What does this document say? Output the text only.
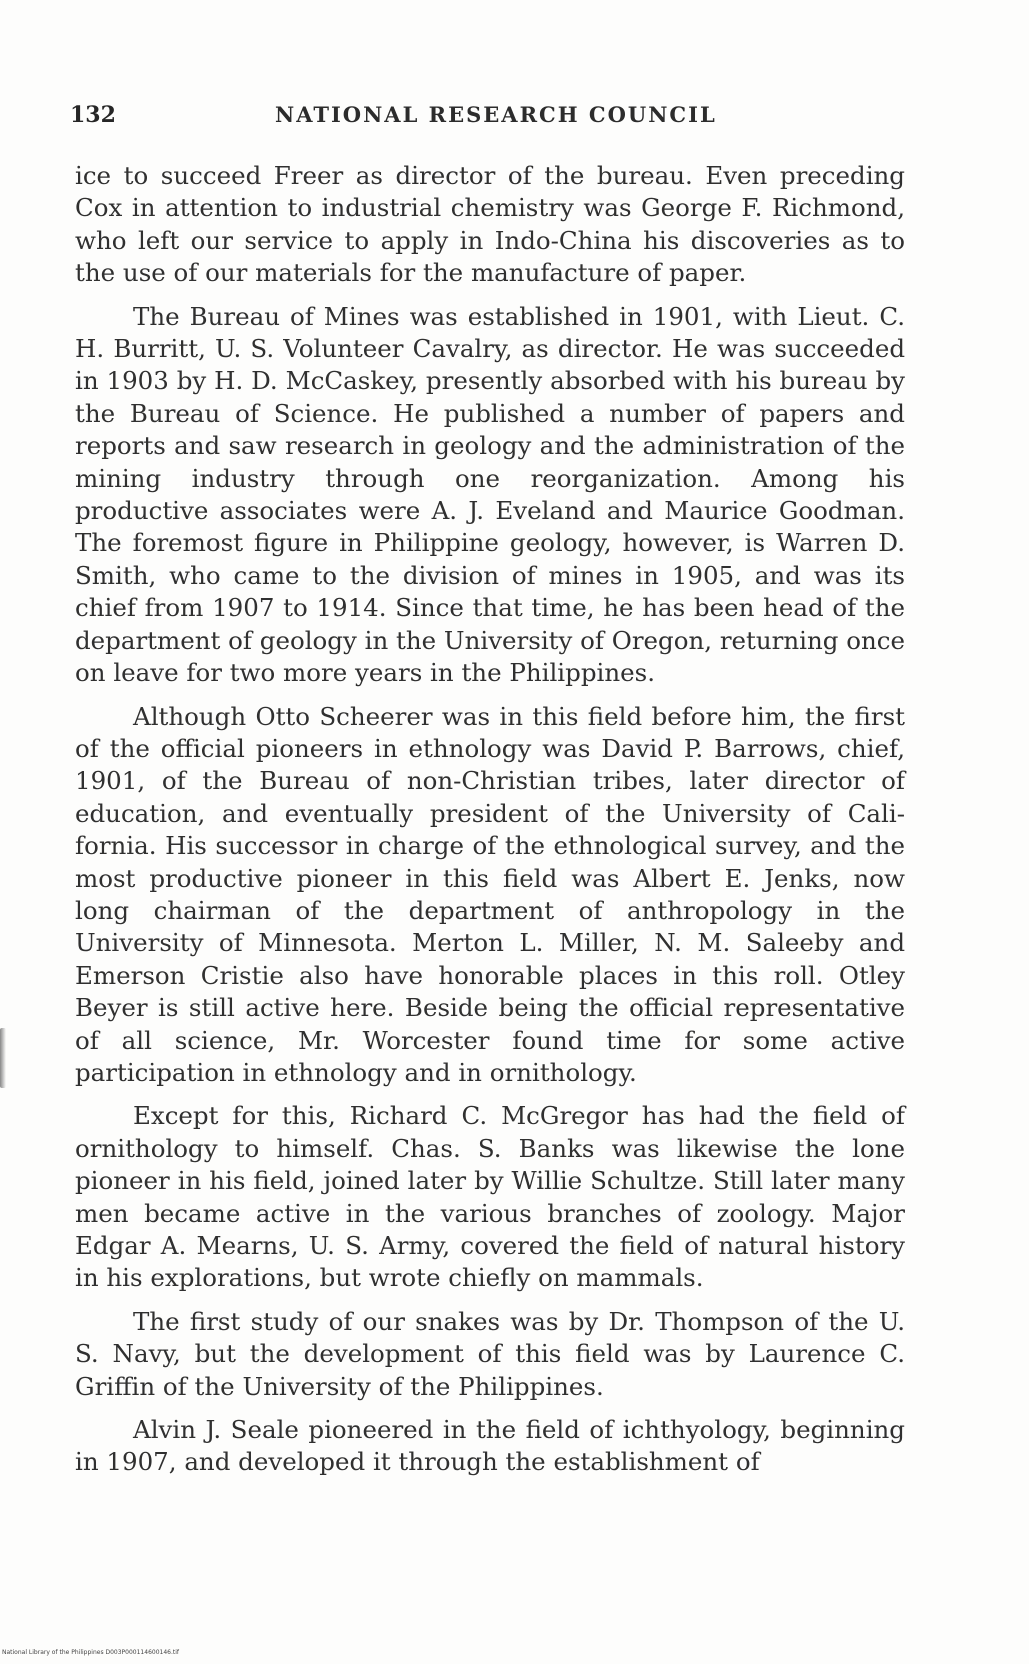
132	NATIONAL RESEARCH COUNCIL

ice to succeed Freer as director of the bureau. Even preceding Cox in attention to industrial chemistry was George F. Richmond, who left our service to apply in Indo-China his discoveries as to the use of our materials for the manufacture of paper.

The Bureau of Mines was established in 1901, with Lieut. C. H. Burritt, U. S. Volunteer Cavalry, as director. He was succeeded in 1903 by H. D. McCaskey, presently absorbed with his bureau by the Bureau of Science. He published a number of papers and reports and saw research in geology and the administration of the mining industry through one reorganization. Among his productive associates were A. J. Eveland and Maurice Goodman. The foremost figure in Philippine geology, however, is Warren D. Smith, who came to the division of mines in 1905, and was its chief from 1907 to 1914. Since that time, he has been head of the department of geology in the University of Oregon, returning once on leave for two more years in the Philippines.

Although Otto Scheerer was in this field before him, the first of the official pioneers in ethnology was David P. Barrows, chief, 1901, of the Bureau of non-Christian tribes, later director of education, and eventually president of the University of California. His successor in charge of the ethnological survey, and the most productive pioneer in this field was Albert E. Jenks, now long chairman of the department of anthropology in the University of Minnesota. Merton L. Miller, N. M. Saleeby and Emerson Cristie also have honorable places in this roll. Otley Beyer is still active here. Beside being the official representative of all science, Mr. Worcester found time for some active participation in ethnology and in ornithology.

Except for this, Richard C. McGregor has had the field of ornithology to himself. Chas. S. Banks was likewise the lone pioneer in his field, joined later by Willie Schultze. Still later many men became active in the various branches of zoology. Major Edgar A. Mearns, U. S. Army, covered the field of natural history in his explorations, but wrote chiefly on mammals.

The first study of our snakes was by Dr. Thompson of the U. S. Navy, but the development of this field was by Laurence C. Griffin of the University of the Philippines.

Alvin J. Seale pioneered in the field of ichthyology, beginning in 1907, and developed it through the establishment of

National Library of the Philippines D003P000114600146.tif
